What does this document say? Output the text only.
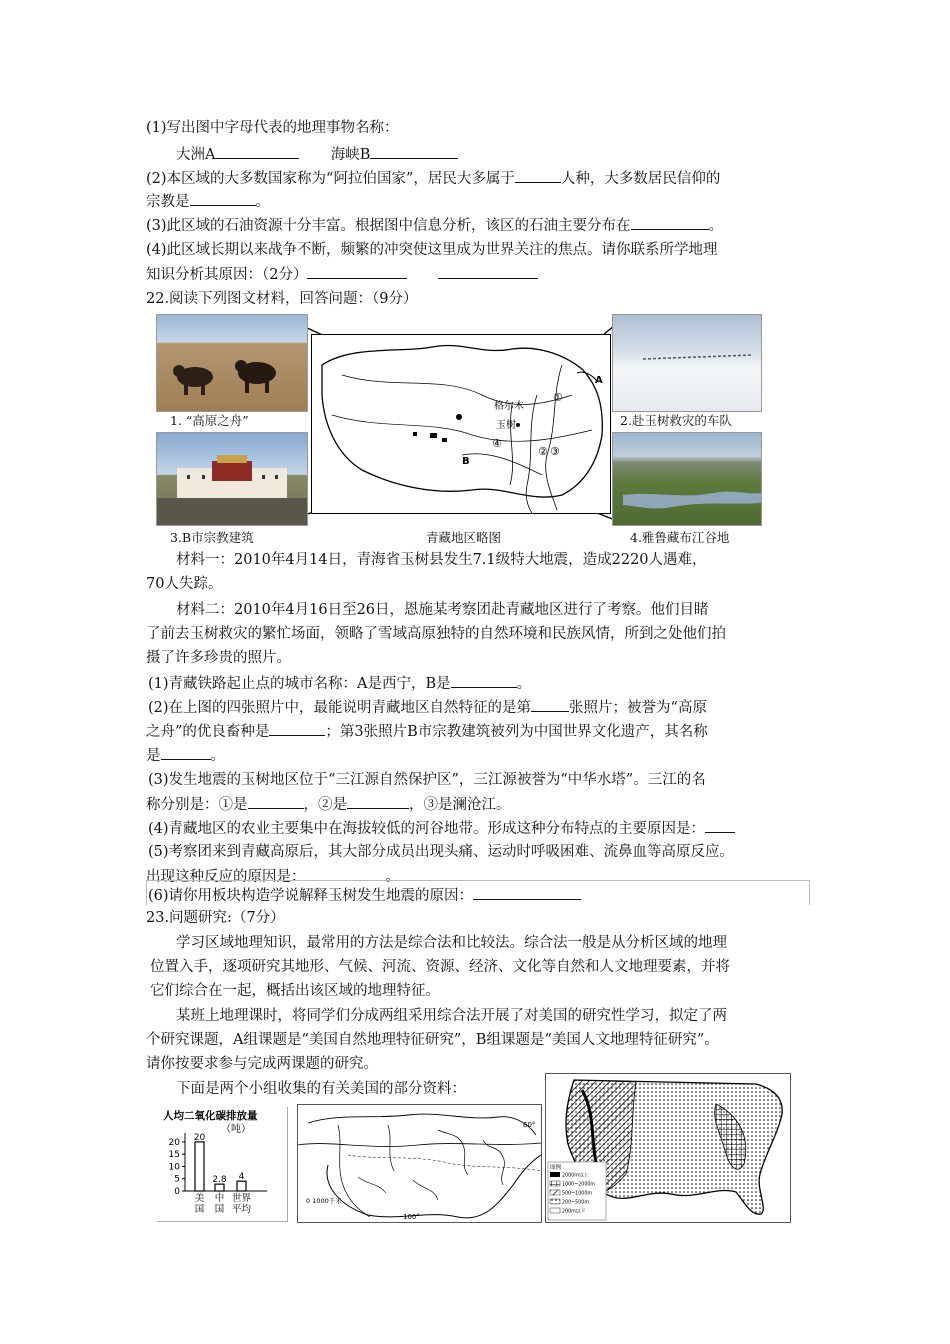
(1)写出图中字母代表的地理事物名称：
大洲A	海峡B
(2)本区域的大多数国家称为“阿拉伯国家”，居民大多属于	人种，大多数居民信仰的
宗教是	。
(3)此区域的石油资源十分丰富。根据图中信息分析，该区的石油主要分布在	。
(4)此区域长期以来战争不断，频繁的冲突使这里成为世界关注的焦点。请你联系所学地理
知识分析其原因：（2分）
22.阅读下列图文材料，回答问题：（9分）
1. “高原之舟”
3.B市宗教建筑
格尔木
玉树
A
B
①
② ③
④
青藏地区略图
2.赴玉树救灾的车队
4.雅鲁藏布江谷地
材料一：2010年4月14日，青海省玉树县发生7.1级特大地震，造成2220人遇难，
70人失踪。
材料二：2010年4月16日至26日，恩施某考察团赴青藏地区进行了考察。他们目睹
了前去玉树救灾的繁忙场面，领略了雪域高原独特的自然环境和民族风情，所到之处他们拍
摄了许多珍贵的照片。
(1)青藏铁路起止点的城市名称：A是西宁，B是	。
(2)在上图的四张照片中，最能说明青藏地区自然特征的是第	张照片；被誉为“高原
之舟”的优良畜种是	；第3张照片B市宗教建筑被列为中国世界文化遗产，其名称
是	。
(3)发生地震的玉树地区位于“三江源自然保护区”，三江源被誉为“中华水塔”。三江的名
称分别是：①是	，②是	，③是澜沧江。
(4)青藏地区的农业主要集中在海拔较低的河谷地带。形成这种分布特点的主要原因是：
(5)考察团来到青藏高原后，其大部分成员出现头痛、运动时呼吸困难、流鼻血等高原反应。
出现这种反应的原因是：	。
(6)请你用板块构造学说解释玉树发生地震的原因：
23.问题研究:（7分）
学习区域地理知识，最常用的方法是综合法和比较法。综合法一般是从分析区域的地理
位置入手，逐项研究其地形、气候、河流、资源、经济、文化等自然和人文地理要素，并将
它们综合在一起，概括出该区域的地理特征。
某班上地理课时，将同学们分成两组采用综合法开展了对美国的研究性学习，拟定了两
个研究课题，A组课题是“美国自然地理特征研究”，B组课题是“美国人文地理特征研究”。
请你按要求参与完成两课题的研究。
下面是两个小组收集的有关美国的部分资料：
人均二氧化碳排放量
（吨）
0
5
10
15
20 20
美
国
2.8
中
国
4
世界
平均
0 1000千米
100°
60°
图例
2000m以上
1000~2000m
500~1000m
200~500m
200m以下
